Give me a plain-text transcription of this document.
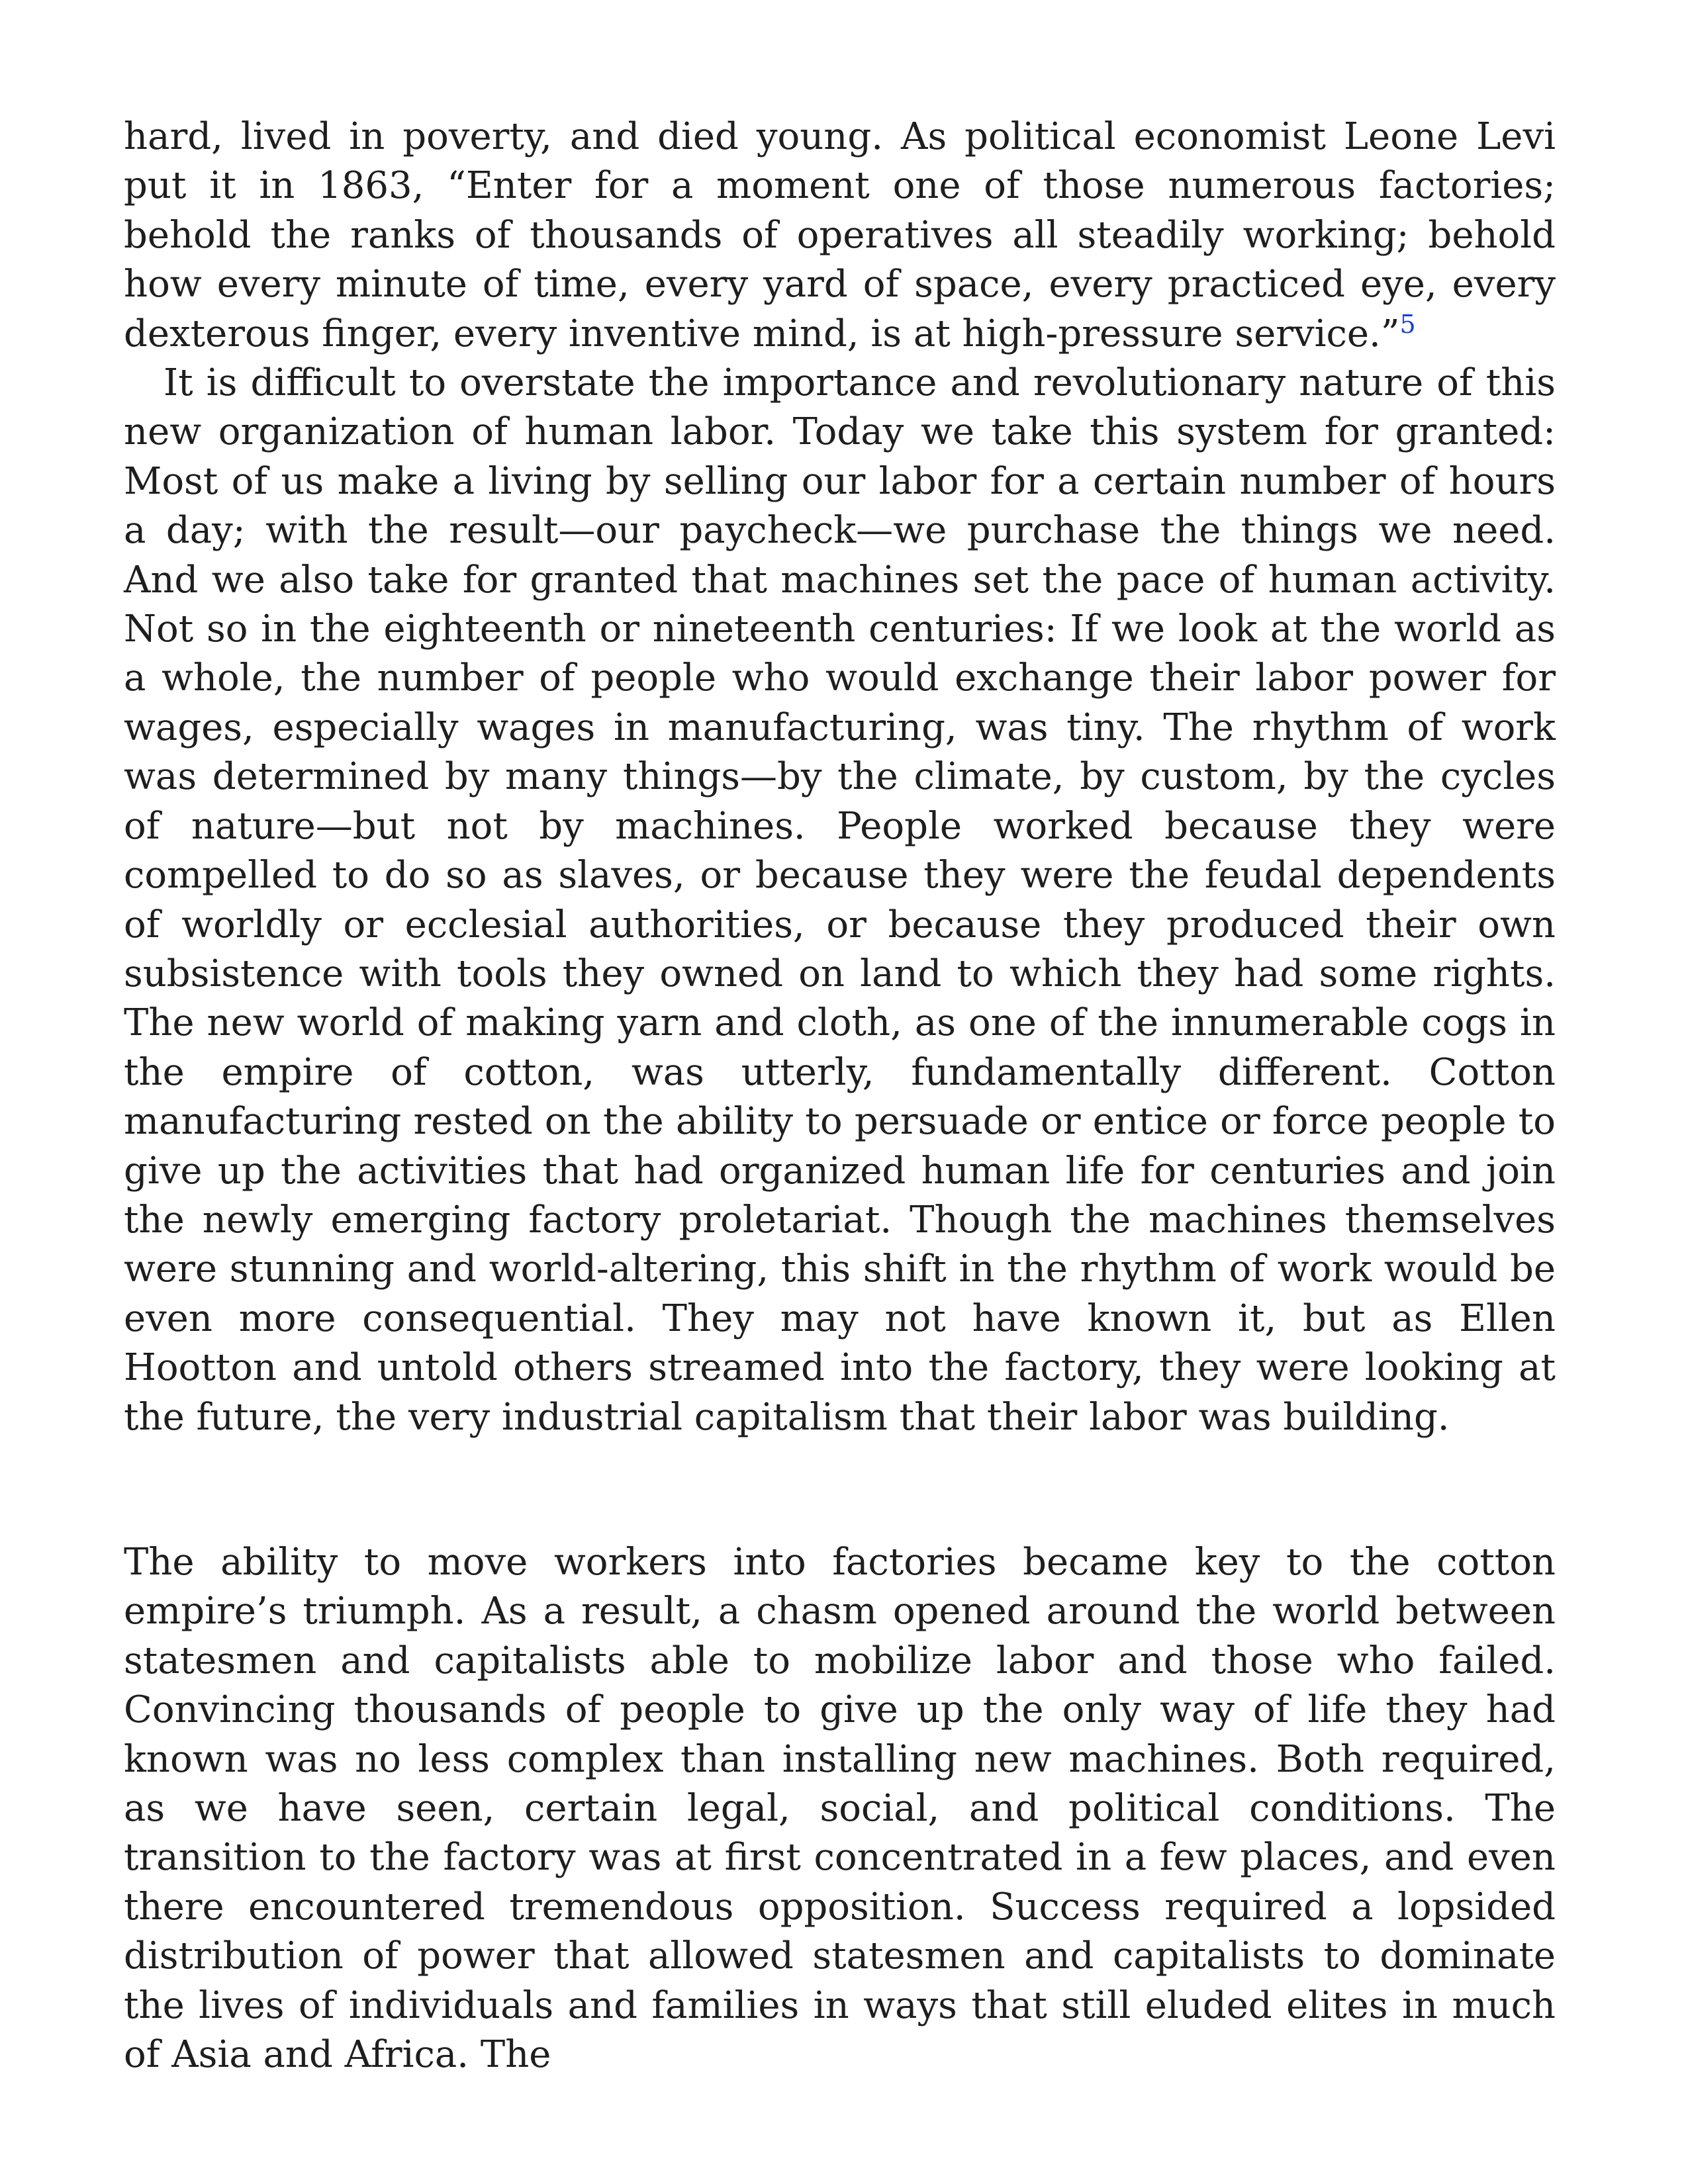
hard, lived in poverty, and died young. As political economist Leone Levi put it in 1863, “Enter for a moment one of those numerous factories; behold the ranks of thousands of operatives all steadily working; behold how every minute of time, every yard of space, every practiced eye, every dexterous finger, every inventive mind, is at high-pressure service.”$^5$

It is difficult to overstate the importance and revolutionary nature of this new organization of human labor. Today we take this system for granted: Most of us make a living by selling our labor for a certain number of hours a day; with the result—our paycheck—we purchase the things we need. And we also take for granted that machines set the pace of human activity. Not so in the eighteenth or nineteenth centuries: If we look at the world as a whole, the number of people who would exchange their labor power for wages, especially wages in manufacturing, was tiny. The rhythm of work was determined by many things—by the climate, by custom, by the cycles of nature—but not by machines. People worked because they were compelled to do so as slaves, or because they were the feudal dependents of worldly or ecclesial authorities, or because they produced their own subsistence with tools they owned on land to which they had some rights. The new world of making yarn and cloth, as one of the innumerable cogs in the empire of cotton, was utterly, fundamentally different. Cotton manufacturing rested on the ability to persuade or entice or force people to give up the activities that had organized human life for centuries and join the newly emerging factory proletariat. Though the machines themselves were stunning and world-altering, this shift in the rhythm of work would be even more consequential. They may not have known it, but as Ellen Hootton and untold others streamed into the factory, they were looking at the future, the very industrial capitalism that their labor was building.

The ability to move workers into factories became key to the cotton empire’s triumph. As a result, a chasm opened around the world between statesmen and capitalists able to mobilize labor and those who failed. Convincing thousands of people to give up the only way of life they had known was no less complex than installing new machines. Both required, as we have seen, certain legal, social, and political conditions. The transition to the factory was at first concentrated in a few places, and even there encountered tremendous opposition. Success required a lopsided distribution of power that allowed statesmen and capitalists to dominate the lives of individuals and families in ways that still eluded elites in much of Asia and Africa. The
